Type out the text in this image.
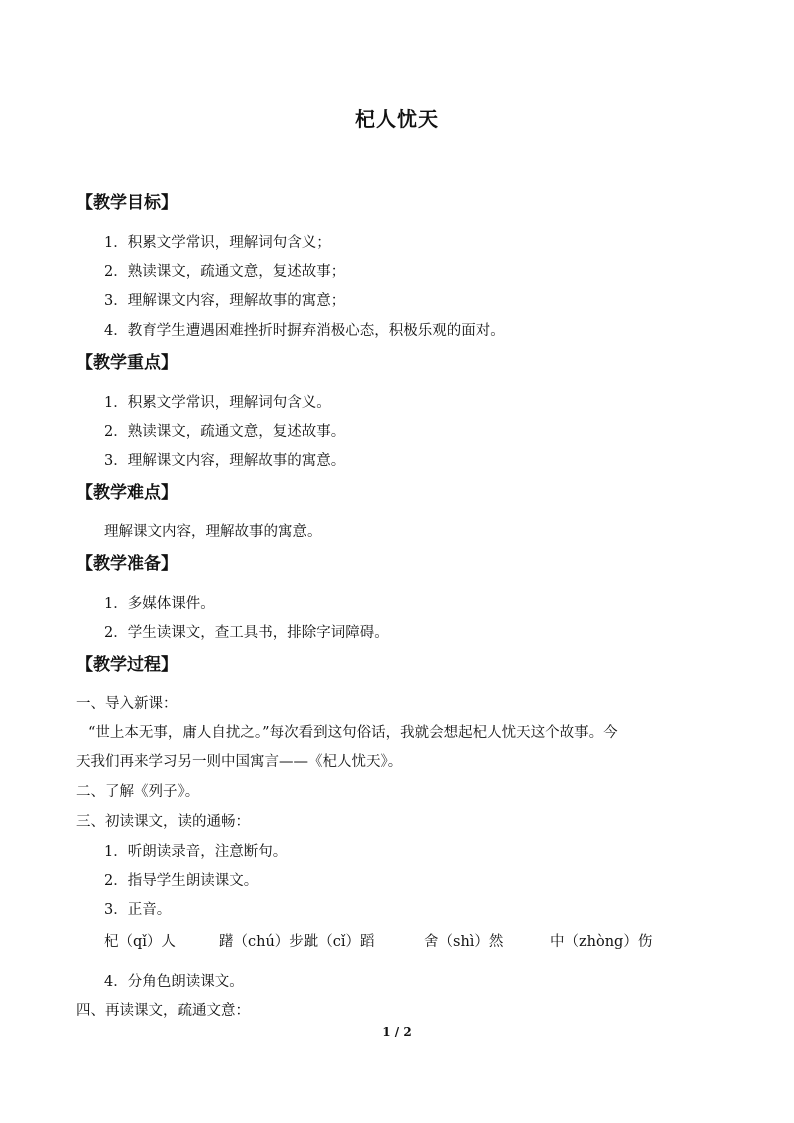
杞人忧天
【教学目标】
1．积累文学常识，理解词句含义；
2．熟读课文，疏通文意，复述故事；
3．理解课文内容，理解故事的寓意；
4．教育学生遭遇困难挫折时摒弃消极心态，积极乐观的面对。
【教学重点】
1．积累文学常识，理解词句含义。
2．熟读课文，疏通文意，复述故事。
3．理解课文内容，理解故事的寓意。
【教学难点】
理解课文内容，理解故事的寓意。
【教学准备】
1．多媒体课件。
2．学生读课文，查工具书，排除字词障碍。
【教学过程】
一、导入新课：
“世上本无事，庸人自扰之。”每次看到这句俗话，我就会想起杞人忧天这个故事。今
天我们再来学习另一则中国寓言——《杞人忧天》。
二、了解《列子》。
三、初读课文，读的通畅：
1．听朗读录音，注意断句。
2．指导学生朗读课文。
3．正音。
杞（qǐ）人	躇（chú）步跐（cǐ）蹈	舍（shì）然	中（zhòng）伤
4．分角色朗读课文。
四、再读课文，疏通文意：
1 / 2
